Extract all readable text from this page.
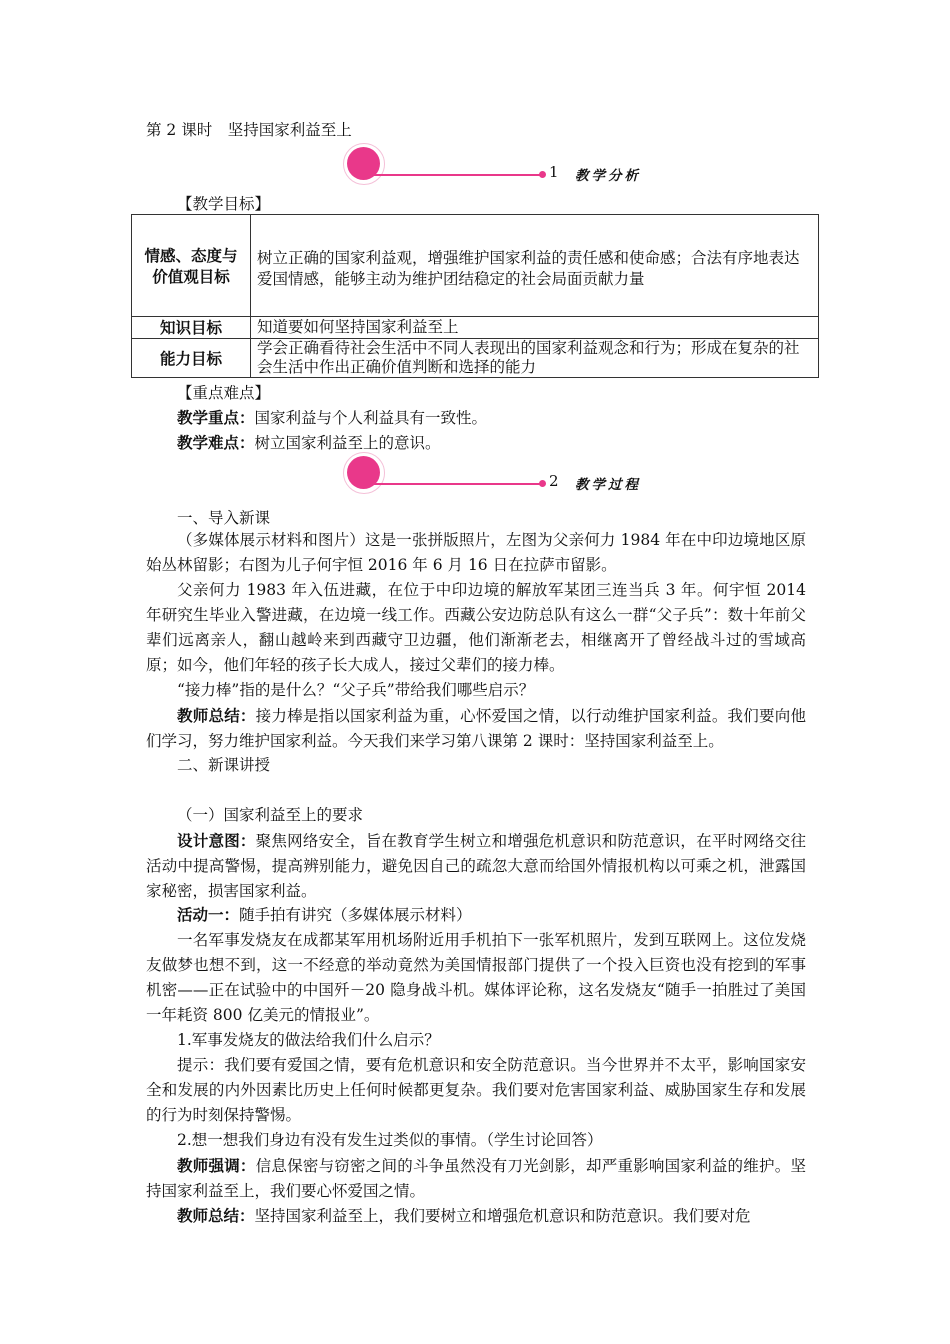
第 2 课时　坚持国家利益至上
1 教学分析
【教学目标】
情感、态度与价值观目标	树立正确的国家利益观，增强维护国家利益的责任感和使命感；合法有序地表达爱国情感，能够主动为维护团结稳定的社会局面贡献力量
知识目标	知道要如何坚持国家利益至上
能力目标	学会正确看待社会生活中不同人表现出的国家利益观念和行为；形成在复杂的社会生活中作出正确价值判断和选择的能力
【重点难点】
教学重点：国家利益与个人利益具有一致性。
教学难点：树立国家利益至上的意识。
2 教学过程
一、导入新课
（多媒体展示材料和图片）这是一张拼版照片，左图为父亲何力 1984 年在中印边境地区原始丛林留影；右图为儿子何宇恒 2016 年 6 月 16 日在拉萨市留影。
父亲何力 1983 年入伍进藏，在位于中印边境的解放军某团三连当兵 3 年。何宇恒 2014 年研究生毕业入警进藏，在边境一线工作。西藏公安边防总队有这么一群“父子兵”：数十年前父辈们远离亲人，翻山越岭来到西藏守卫边疆，他们渐渐老去，相继离开了曾经战斗过的雪域高原；如今，他们年轻的孩子长大成人，接过父辈们的接力棒。
“接力棒”指的是什么？“父子兵”带给我们哪些启示？
教师总结：接力棒是指以国家利益为重，心怀爱国之情，以行动维护国家利益。我们要向他们学习，努力维护国家利益。今天我们来学习第八课第 2 课时：坚持国家利益至上。
二、新课讲授
（一）国家利益至上的要求
设计意图：聚焦网络安全，旨在教育学生树立和增强危机意识和防范意识，在平时网络交往活动中提高警惕，提高辨别能力，避免因自己的疏忽大意而给国外情报机构以可乘之机，泄露国家秘密，损害国家利益。
活动一：随手拍有讲究（多媒体展示材料）
一名军事发烧友在成都某军用机场附近用手机拍下一张军机照片，发到互联网上。这位发烧友做梦也想不到，这一不经意的举动竟然为美国情报部门提供了一个投入巨资也没有挖到的军事机密——正在试验中的中国歼－20 隐身战斗机。媒体评论称，这名发烧友“随手一拍胜过了美国一年耗资 800 亿美元的情报业”。
1.军事发烧友的做法给我们什么启示？
提示：我们要有爱国之情，要有危机意识和安全防范意识。当今世界并不太平，影响国家安全和发展的内外因素比历史上任何时候都更复杂。我们要对危害国家利益、威胁国家生存和发展的行为时刻保持警惕。
2.想一想我们身边有没有发生过类似的事情。（学生讨论回答）
教师强调：信息保密与窃密之间的斗争虽然没有刀光剑影，却严重影响国家利益的维护。坚持国家利益至上，我们要心怀爱国之情。
教师总结：坚持国家利益至上，我们要树立和增强危机意识和防范意识。我们要对危
